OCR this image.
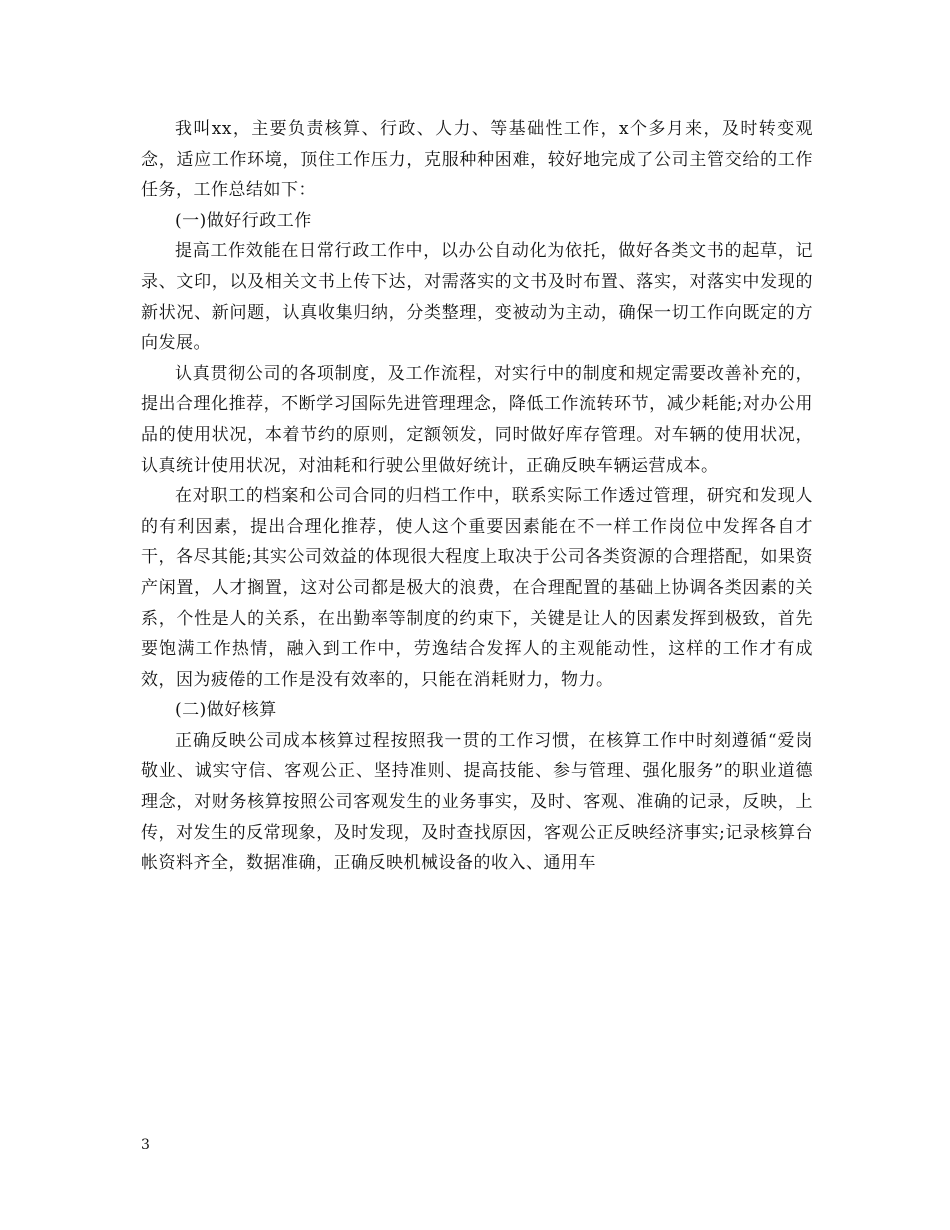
我叫xx，主要负责核算、行政、人力、等基础性工作，x个多月来，及时转变观念，适应工作环境，顶住工作压力，克服种种困难，较好地完成了公司主管交给的工作任务，工作总结如下：

(一)做好行政工作

提高工作效能在日常行政工作中，以办公自动化为依托，做好各类文书的起草，记录、文印，以及相关文书上传下达，对需落实的文书及时布置、落实，对落实中发现的新状况、新问题，认真收集归纳，分类整理，变被动为主动，确保一切工作向既定的方向发展。

认真贯彻公司的各项制度，及工作流程，对实行中的制度和规定需要改善补充的，提出合理化推荐，不断学习国际先进管理理念，降低工作流转环节，减少耗能;对办公用品的使用状况，本着节约的原则，定额领发，同时做好库存管理。对车辆的使用状况，认真统计使用状况，对油耗和行驶公里做好统计，正确反映车辆运营成本。

在对职工的档案和公司合同的归档工作中，联系实际工作透过管理，研究和发现人的有利因素，提出合理化推荐，使人这个重要因素能在不一样工作岗位中发挥各自才干，各尽其能;其实公司效益的体现很大程度上取决于公司各类资源的合理搭配，如果资产闲置，人才搁置，这对公司都是极大的浪费，在合理配置的基础上协调各类因素的关系，个性是人的关系，在出勤率等制度的约束下，关键是让人的因素发挥到极致，首先要饱满工作热情，融入到工作中，劳逸结合发挥人的主观能动性，这样的工作才有成效，因为疲倦的工作是没有效率的，只能在消耗财力，物力。

(二)做好核算

正确反映公司成本核算过程按照我一贯的工作习惯，在核算工作中时刻遵循“爱岗敬业、诚实守信、客观公正、坚持准则、提高技能、参与管理、强化服务”的职业道德理念，对财务核算按照公司客观发生的业务事实，及时、客观、准确的记录，反映，上传，对发生的反常现象，及时发现，及时查找原因，客观公正反映经济事实;记录核算台帐资料齐全，数据准确，正确反映机械设备的收入、通用车

3
